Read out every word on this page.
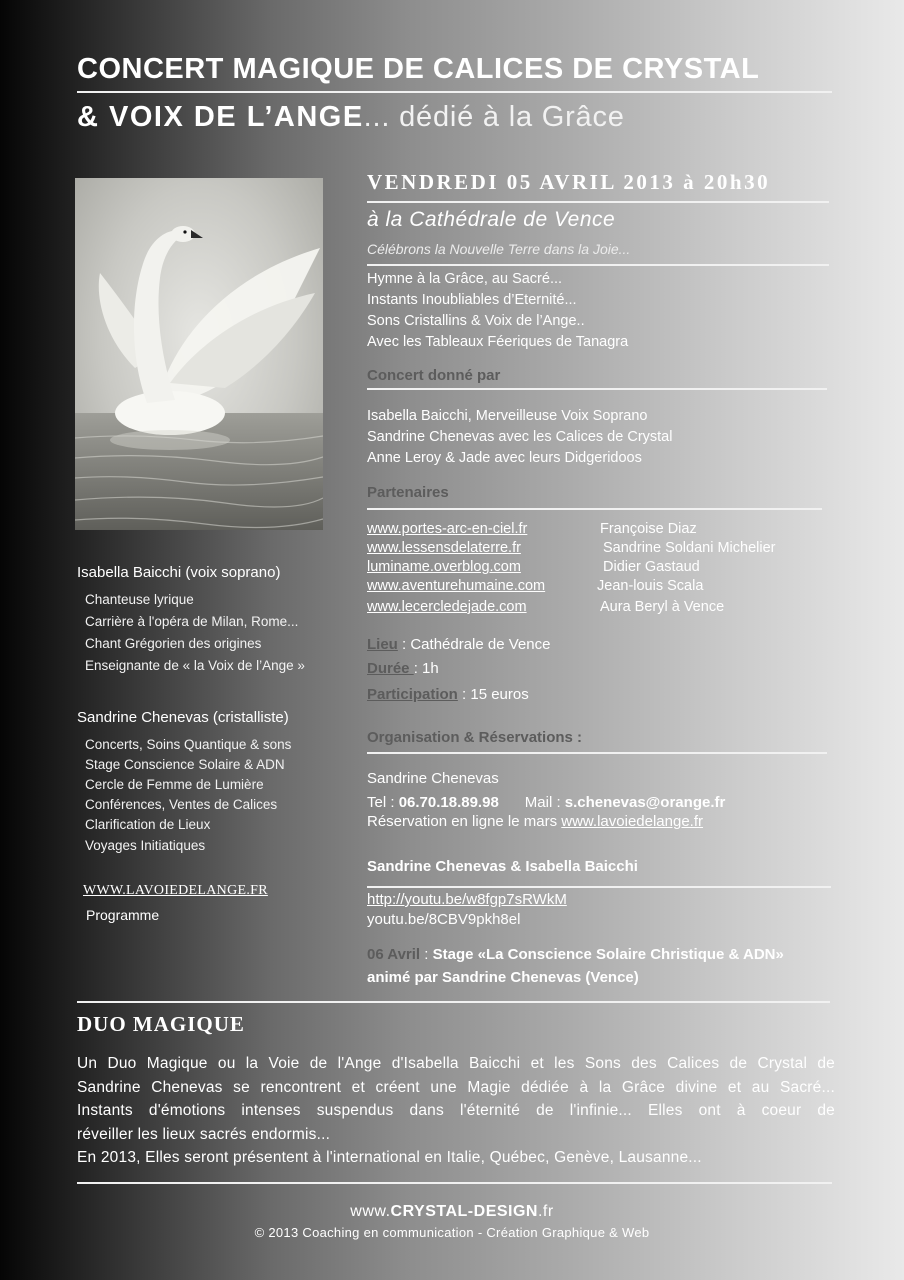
CONCERT MAGIQUE DE CALICES DE CRYSTAL
& VOIX DE L’ANGE... dédié à la Grâce
Isabella Baicchi (voix soprano)
Chanteuse lyrique
Carrière à l'opéra de Milan, Rome...
Chant Grégorien des origines
Enseignante de « la Voix de l’Ange »
Sandrine Chenevas (cristalliste)
Concerts, Soins Quantique & sons
Stage Conscience Solaire & ADN
Cercle de Femme de Lumière
Conférences, Ventes de Calices
Clarification de Lieux
Voyages Initiatiques
WWW.LAVOIEDELANGE.FR
Programme
VENDREDI 05 AVRIL 2013 à 20h30
à la Cathédrale de Vence
Célébrons la Nouvelle Terre dans la Joie...
Hymne à la Grâce, au Sacré...
Instants Inoubliables d’Eternité...
Sons Cristallins & Voix de l’Ange..
Avec les Tableaux Féeriques de Tanagra
Concert donné par
Isabella Baicchi, Merveilleuse Voix Soprano
Sandrine Chenevas avec les Calices de Crystal
Anne Leroy & Jade avec leurs Didgeridoos
Partenaires
www.portes-arc-en-ciel.fr	Françoise Diaz
www.lessensdelaterre.fr	Sandrine Soldani Michelier
luminame.overblog.com	Didier Gastaud
www.aventurehumaine.com	Jean-louis Scala
www.lecercledejade.com	Aura Beryl à Vence
Lieu : Cathédrale de Vence
Durée : 1h
Participation : 15 euros
Organisation & Réservations :
Sandrine Chenevas
Tel : 06.70.18.89.98 Mail : s.chenevas@orange.fr
Réservation en ligne le mars www.lavoiedelange.fr
Sandrine Chenevas & Isabella Baicchi
http://youtu.be/w8fgp7sRWkM
youtu.be/8CBV9pkh8el
06 Avril : Stage «La Conscience Solaire Christique & ADN»
animé par Sandrine Chenevas (Vence)
DUO MAGIQUE
Un Duo Magique ou la Voie de l'Ange d'Isabella Baicchi et les Sons des Calices de Crystal de
Sandrine Chenevas se rencontrent et créent une Magie dédiée à la Grâce divine et au Sacré...
Instants d'émotions intenses suspendus dans l'éternité de l'infinie... Elles ont à coeur de
réveiller les lieux sacrés endormis...
En 2013, Elles seront présentent à l'international en Italie, Québec, Genève, Lausanne...
www.CRYSTAL-DESIGN.fr
© 2013 Coaching en communication - Création Graphique & Web
